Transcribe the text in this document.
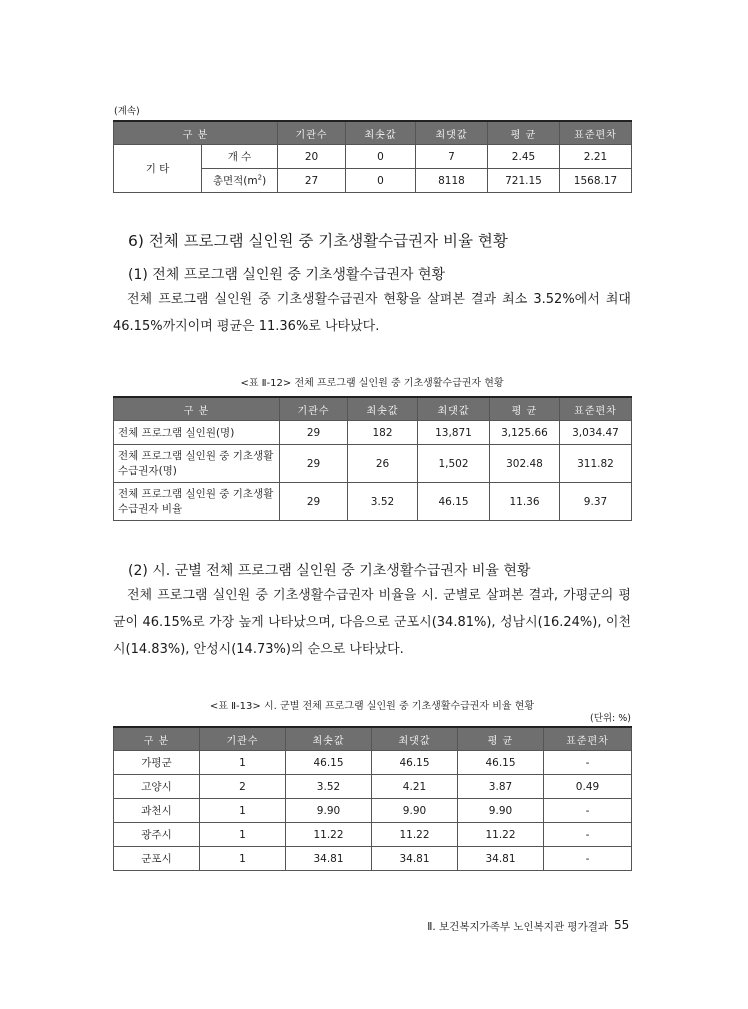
(계속)
구 분		기관수	최솟값	최댓값	평 균	표준편차
기 타	개 수	20	0	7	2.45	2.21
	총면적$(m^2)$	27	0	8118	721.15	1568.17
6) 전체 프로그램 실인원 중 기초생활수급권자 비율 현황
(1) 전체 프로그램 실인원 중 기초생활수급권자 현황
전체 프로그램 실인원 중 기초생활수급권자 현황을 살펴본 결과 최소 3.52%에서 최대 46.15%까지이며 평균은 11.36%로 나타났다.
<표 Ⅱ-12> 전체 프로그램 실인원 중 기초생활수급권자 현황
구 분	기관수	최솟값	최댓값	평 균	표준편차
전체 프로그램 실인원(명)	29	182	13,871	3,125.66	3,034.47
전체 프로그램 실인원 중 기초생활수급권자(명)	29	26	1,502	302.48	311.82
전체 프로그램 실인원 중 기초생활수급권자 비율	29	3.52	46.15	11.36	9.37
(2) 시. 군별 전체 프로그램 실인원 중 기초생활수급권자 비율 현황
전체 프로그램 실인원 중 기초생활수급권자 비율을 시. 군별로 살펴본 결과, 가평군의 평균이 46.15%로 가장 높게 나타났으며, 다음으로 군포시(34.81%), 성남시(16.24%), 이천시(14.83%), 안성시(14.73%)의 순으로 나타났다.
<표 Ⅱ-13> 시. 군별 전체 프로그램 실인원 중 기초생활수급권자 비율 현황
(단위: %)
구 분	기관수	최솟값	최댓값	평 균	표준편차
가평군	1	46.15	46.15	46.15	-
고양시	2	3.52	4.21	3.87	0.49
과천시	1	9.90	9.90	9.90	-
광주시	1	11.22	11.22	11.22	-
군포시	1	34.81	34.81	34.81	-
Ⅱ. 보건복지가족부 노인복지관 평가결과 55
